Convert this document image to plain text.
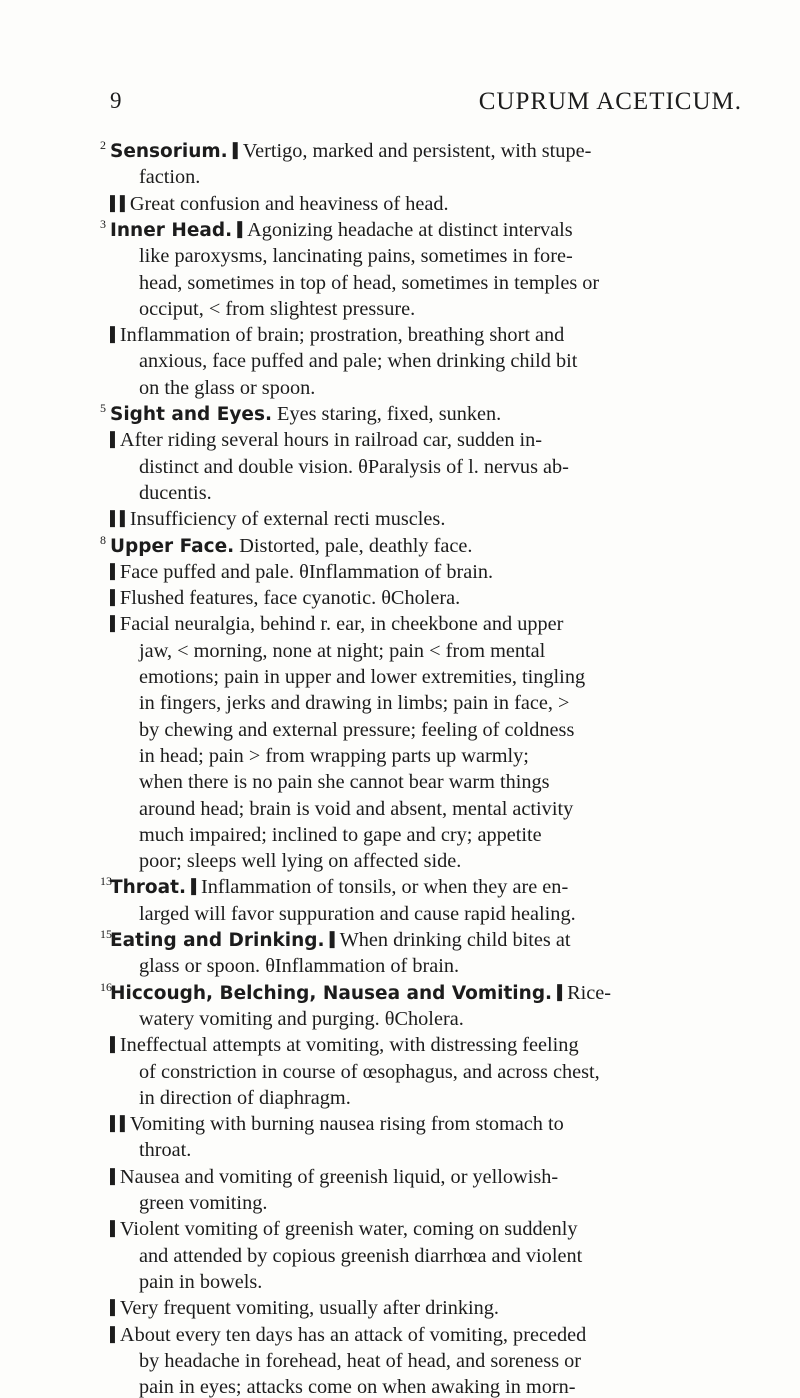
9	CUPRUM ACETICUM.
2 Sensorium. ▌Vertigo, marked and persistent, with stupe-
faction.
▌▌Great confusion and heaviness of head.
3 Inner Head. ▌Agonizing headache at distinct intervals
like paroxysms, lancinating pains, sometimes in fore-
head, sometimes in top of head, sometimes in temples or
occiput, < from slightest pressure.
▌Inflammation of brain; prostration, breathing short and
anxious, face puffed and pale; when drinking child bit
on the glass or spoon.
5 Sight and Eyes. Eyes staring, fixed, sunken.
▌After riding several hours in railroad car, sudden in-
distinct and double vision. θParalysis of l. nervus ab-
ducentis.
▌▌Insufficiency of external recti muscles.
8 Upper Face. Distorted, pale, deathly face.
▌Face puffed and pale. θInflammation of brain.
▌Flushed features, face cyanotic. θCholera.
▌Facial neuralgia, behind r. ear, in cheekbone and upper
jaw, < morning, none at night; pain < from mental
emotions; pain in upper and lower extremities, tingling
in fingers, jerks and drawing in limbs; pain in face, >
by chewing and external pressure; feeling of coldness
in head; pain > from wrapping parts up warmly;
when there is no pain she cannot bear warm things
around head; brain is void and absent, mental activity
much impaired; inclined to gape and cry; appetite
poor; sleeps well lying on affected side.
13
Throat. ▌Inflammation of tonsils, or when they are en-
larged will favor suppuration and cause rapid healing.
15
Eating and Drinking. ▌When drinking child bites at
glass or spoon. θInflammation of brain.
16
Hiccough, Belching, Nausea and Vomiting. ▌Rice-
watery vomiting and purging. θCholera.
▌Ineffectual attempts at vomiting, with distressing feeling
of constriction in course of œsophagus, and across chest,
in direction of diaphragm.
▌▌Vomiting with burning nausea rising from stomach to
throat.
▌Nausea and vomiting of greenish liquid, or yellowish-
green vomiting.
▌Violent vomiting of greenish water, coming on suddenly
and attended by copious greenish diarrhœa and violent
pain in bowels.
▌Very frequent vomiting, usually after drinking.
▌About every ten days has an attack of vomiting, preceded
by headache in forehead, heat of head, and soreness or
pain in eyes; attacks come on when awaking in morn-
